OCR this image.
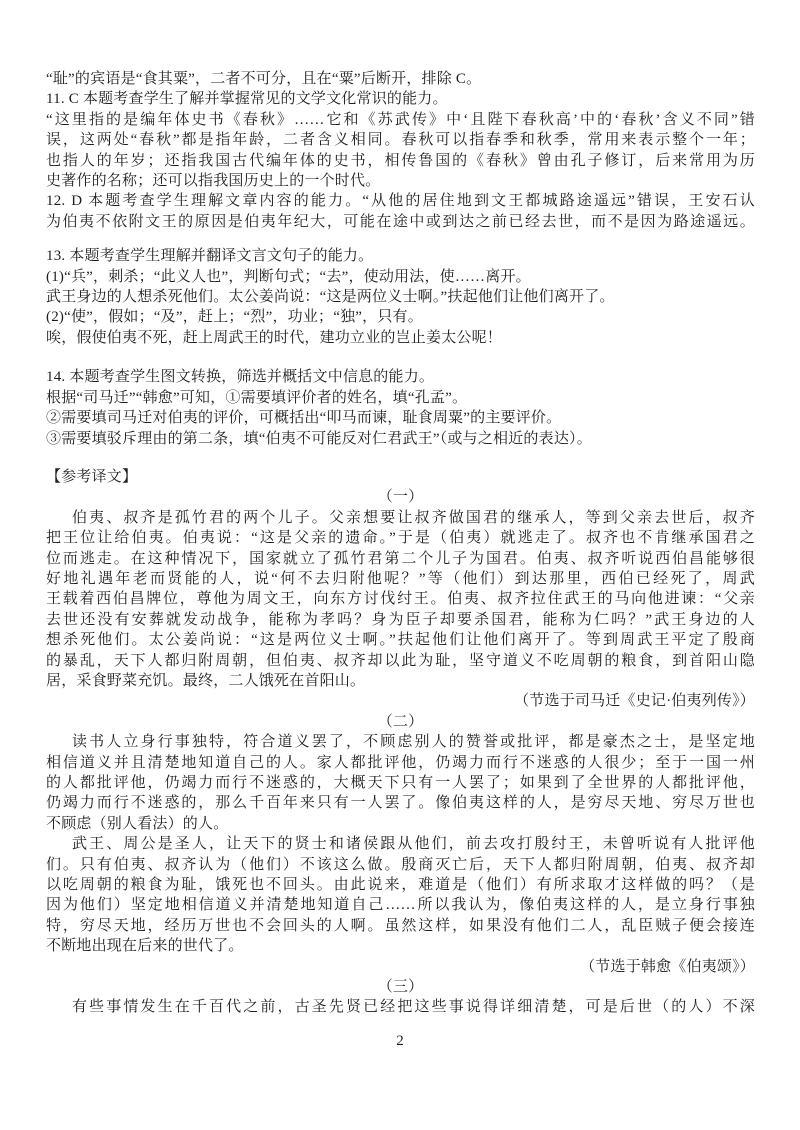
“耻”的宾语是“食其粟”，二者不可分，且在“粟”后断开，排除 C。
11. C 本题考查学生了解并掌握常见的文学文化常识的能力。
“这里指的是编年体史书《春秋》……它和《苏武传》中‘且陛下春秋高’中的‘春秋’含义不同”错
误，这两处“春秋”都是指年龄，二者含义相同。春秋可以指春季和秋季，常用来表示整个一年；
也指人的年岁；还指我国古代编年体的史书，相传鲁国的《春秋》曾由孔子修订，后来常用为历
史著作的名称；还可以指我国历史上的一个时代。
12. D 本题考查学生理解文章内容的能力。“从他的居住地到文王都城路途遥远”错误，王安石认
为伯夷不依附文王的原因是伯夷年纪大，可能在途中或到达之前已经去世，而不是因为路途遥远。
13. 本题考查学生理解并翻译文言文句子的能力。
(1)“兵”，刺杀；“此义人也”，判断句式；“去”，使动用法，使……离开。
武王身边的人想杀死他们。太公姜尚说：“这是两位义士啊。”扶起他们让他们离开了。
(2)“使”，假如；“及”，赶上；“烈”，功业；“独”，只有。
唉，假使伯夷不死，赶上周武王的时代，建功立业的岂止姜太公呢！
14. 本题考查学生图文转换，筛选并概括文中信息的能力。
根据“司马迁”“韩愈”可知，①需要填评价者的姓名，填“孔孟”。
②需要填司马迁对伯夷的评价，可概括出“叩马而谏，耻食周粟”的主要评价。
③需要填驳斥理由的第二条，填“伯夷不可能反对仁君武王”（或与之相近的表达）。
【参考译文】
（一）
伯夷、叔齐是孤竹君的两个儿子。父亲想要让叔齐做国君的继承人，等到父亲去世后，叔齐
把王位让给伯夷。伯夷说：“这是父亲的遗命。”于是（伯夷）就逃走了。叔齐也不肯继承国君之
位而逃走。在这种情况下，国家就立了孤竹君第二个儿子为国君。伯夷、叔齐听说西伯昌能够很
好地礼遇年老而贤能的人，说“何不去归附他呢？”等（他们）到达那里，西伯已经死了，周武
王载着西伯昌牌位，尊他为周文王，向东方讨伐纣王。伯夷、叔齐拉住武王的马向他进谏：“父亲
去世还没有安葬就发动战争，能称为孝吗？身为臣子却要杀国君，能称为仁吗？”武王身边的人
想杀死他们。太公姜尚说：“这是两位义士啊。”扶起他们让他们离开了。等到周武王平定了殷商
的暴乱，天下人都归附周朝，但伯夷、叔齐却以此为耻，坚守道义不吃周朝的粮食，到首阳山隐
居，采食野菜充饥。最终，二人饿死在首阳山。
（节选于司马迁《史记·伯夷列传》）
（二）
读书人立身行事独特，符合道义罢了，不顾虑别人的赞誉或批评，都是豪杰之士，是坚定地
相信道义并且清楚地知道自己的人。家人都批评他，仍竭力而行不迷惑的人很少；至于一国一州
的人都批评他，仍竭力而行不迷惑的，大概天下只有一人罢了；如果到了全世界的人都批评他，
仍竭力而行不迷惑的，那么千百年来只有一人罢了。像伯夷这样的人，是穷尽天地、穷尽万世也
不顾虑（别人看法）的人。
武王、周公是圣人，让天下的贤士和诸侯跟从他们，前去攻打殷纣王，未曾听说有人批评他
们。只有伯夷、叔齐认为（他们）不该这么做。殷商灭亡后，天下人都归附周朝，伯夷、叔齐却
以吃周朝的粮食为耻，饿死也不回头。由此说来，难道是（他们）有所求取才这样做的吗？（是
因为他们）坚定地相信道义并清楚地知道自己……所以我认为，像伯夷这样的人，是立身行事独
特，穷尽天地，经历万世也不会回头的人啊。虽然这样，如果没有他们二人，乱臣贼子便会接连
不断地出现在后来的世代了。
（节选于韩愈《伯夷颂》）
（三）
有些事情发生在千百代之前，古圣先贤已经把这些事说得详细清楚，可是后世（的人）不深
2
